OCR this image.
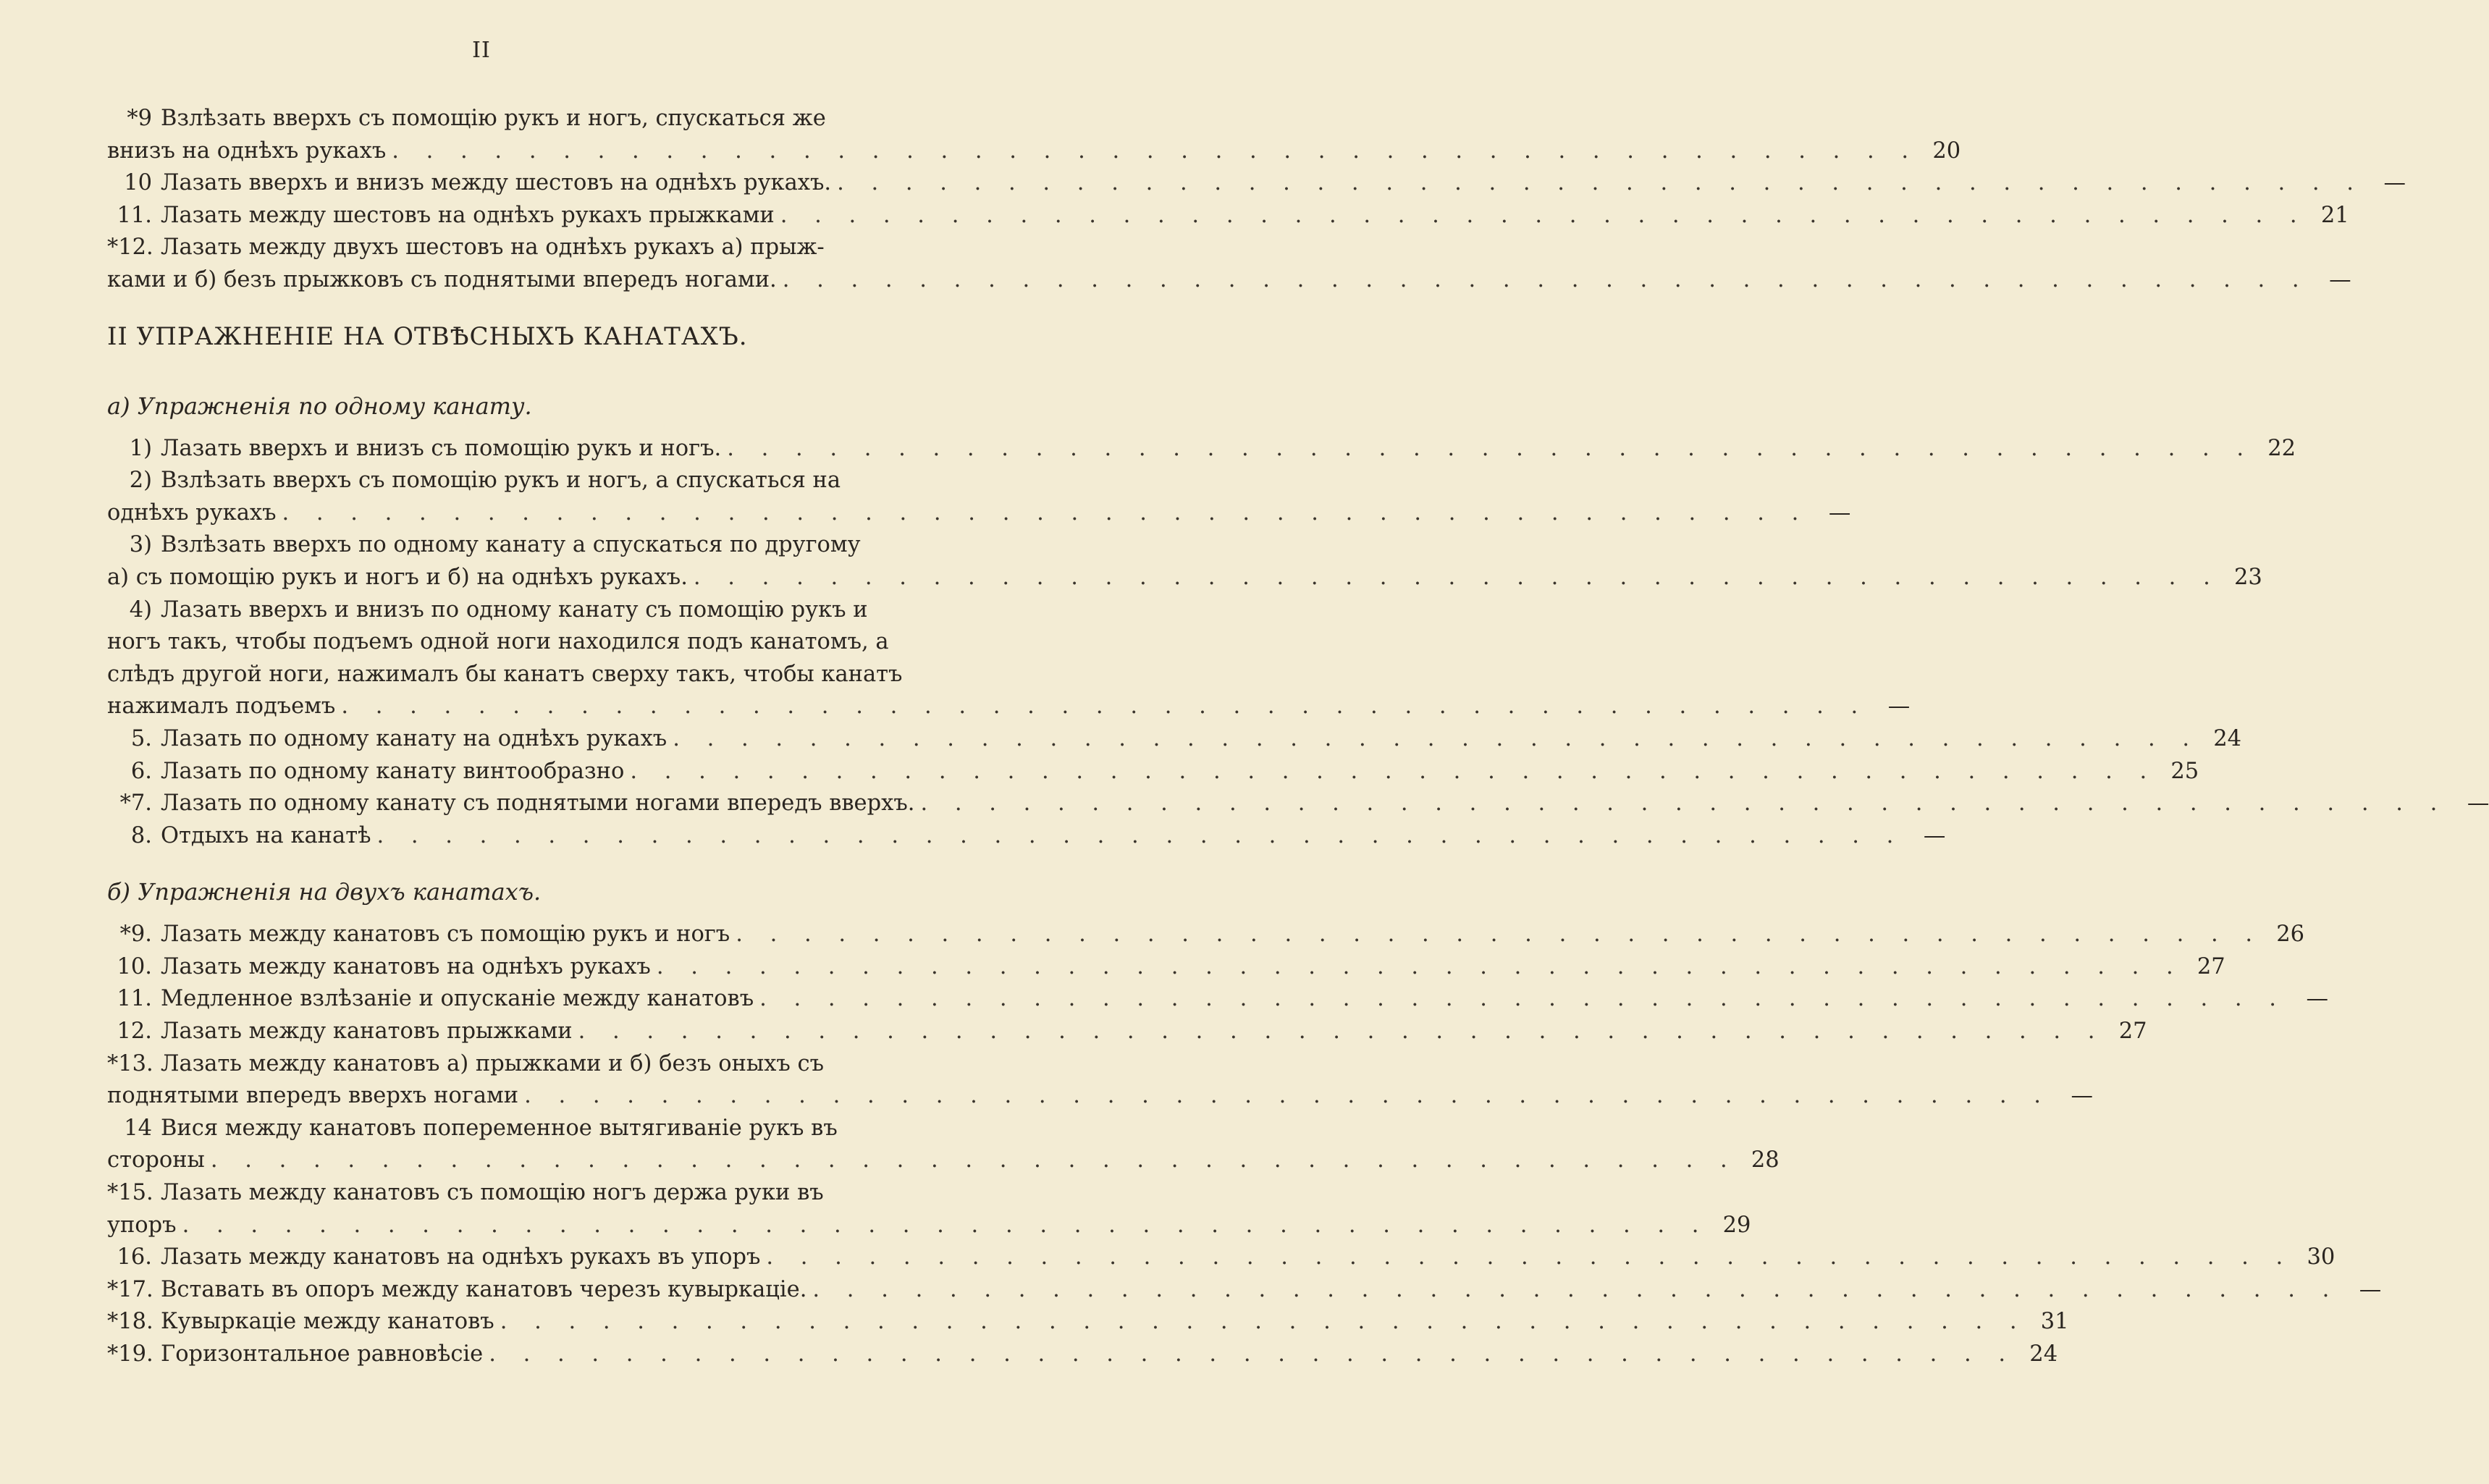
II
*9 Взлѣзать вверхъ съ помощію рукъ и ногъ, спускаться же
внизъ на однѣхъ рукахъ . . . . . . . . . . . . . . . . . . . . . . . . . . . . . . . . . . . . . . . . . . . . . 20
10 Лазать вверхъ и внизъ между шестовъ на однѣхъ рукахъ. . . . . . . . . . . . . . . . . . . . . . . . . . . . . . . . . . . . . . . . . . . . . . —
11. Лазать между шестовъ на однѣхъ рукахъ прыжками . . . . . . . . . . . . . . . . . . . . . . . . . . . . . . . . . . . . . . . . . . . . . 21
*12. Лазать между двухъ шестовъ на однѣхъ рукахъ а) прыж-
ками и б) безъ прыжковъ съ поднятыми впередъ ногами. . . . . . . . . . . . . . . . . . . . . . . . . . . . . . . . . . . . . . . . . . . . . . —
II УПРАЖНЕНІЕ НА ОТВѢСНЫХЪ КАНАТАХЪ.
а) Упражненія по одному канату.
1) Лазать вверхъ и внизъ съ помощію рукъ и ногъ. . . . . . . . . . . . . . . . . . . . . . . . . . . . . . . . . . . . . . . . . . . . . . 22
2) Взлѣзать вверхъ съ помощію рукъ и ногъ, а спускаться на
однѣхъ рукахъ . . . . . . . . . . . . . . . . . . . . . . . . . . . . . . . . . . . . . . . . . . . . . —
3) Взлѣзать вверхъ по одному канату а спускаться по другому
а) съ помощію рукъ и ногъ и б) на однѣхъ рукахъ. . . . . . . . . . . . . . . . . . . . . . . . . . . . . . . . . . . . . . . . . . . . . . 23
4) Лазать вверхъ и внизъ по одному канату съ помощію рукъ и
ногъ такъ, чтобы подъемъ одной ноги находился подъ канатомъ, а
слѣдъ другой ноги, нажималъ бы канатъ сверху такъ, чтобы канатъ
нажималъ подъемъ . . . . . . . . . . . . . . . . . . . . . . . . . . . . . . . . . . . . . . . . . . . . . —
5. Лазать по одному канату на однѣхъ рукахъ . . . . . . . . . . . . . . . . . . . . . . . . . . . . . . . . . . . . . . . . . . . . . 24
6. Лазать по одному канату винтообразно . . . . . . . . . . . . . . . . . . . . . . . . . . . . . . . . . . . . . . . . . . . . . 25
*7. Лазать по одному канату съ поднятыми ногами впередъ вверхъ. . . . . . . . . . . . . . . . . . . . . . . . . . . . . . . . . . . . . . . . . . . . . . —
8. Отдыхъ на канатѣ . . . . . . . . . . . . . . . . . . . . . . . . . . . . . . . . . . . . . . . . . . . . . —
б) Упражненія на двухъ канатахъ.
*9. Лазать между канатовъ съ помощію рукъ и ногъ . . . . . . . . . . . . . . . . . . . . . . . . . . . . . . . . . . . . . . . . . . . . . 26
10. Лазать между канатовъ на однѣхъ рукахъ . . . . . . . . . . . . . . . . . . . . . . . . . . . . . . . . . . . . . . . . . . . . . 27
11. Медленное взлѣзаніе и опусканіе между канатовъ . . . . . . . . . . . . . . . . . . . . . . . . . . . . . . . . . . . . . . . . . . . . . —
12. Лазать между канатовъ прыжками . . . . . . . . . . . . . . . . . . . . . . . . . . . . . . . . . . . . . . . . . . . . . 27
*13. Лазать между канатовъ а) прыжками и б) безъ оныхъ съ
поднятыми впередъ вверхъ ногами . . . . . . . . . . . . . . . . . . . . . . . . . . . . . . . . . . . . . . . . . . . . . —
14 Вися между канатовъ попеременное вытягиваніе рукъ въ
стороны . . . . . . . . . . . . . . . . . . . . . . . . . . . . . . . . . . . . . . . . . . . . . 28
*15. Лазать между канатовъ съ помощію ногъ держа руки въ
упоръ . . . . . . . . . . . . . . . . . . . . . . . . . . . . . . . . . . . . . . . . . . . . . 29
16. Лазать между канатовъ на однѣхъ рукахъ въ упоръ . . . . . . . . . . . . . . . . . . . . . . . . . . . . . . . . . . . . . . . . . . . . . 30
*17. Вставать въ опоръ между канатовъ черезъ кувыркаціе. . . . . . . . . . . . . . . . . . . . . . . . . . . . . . . . . . . . . . . . . . . . . . —
*18. Кувыркаціе между канатовъ . . . . . . . . . . . . . . . . . . . . . . . . . . . . . . . . . . . . . . . . . . . . . 31
*19. Горизонтальное равновѣсіе . . . . . . . . . . . . . . . . . . . . . . . . . . . . . . . . . . . . . . . . . . . . . 24
